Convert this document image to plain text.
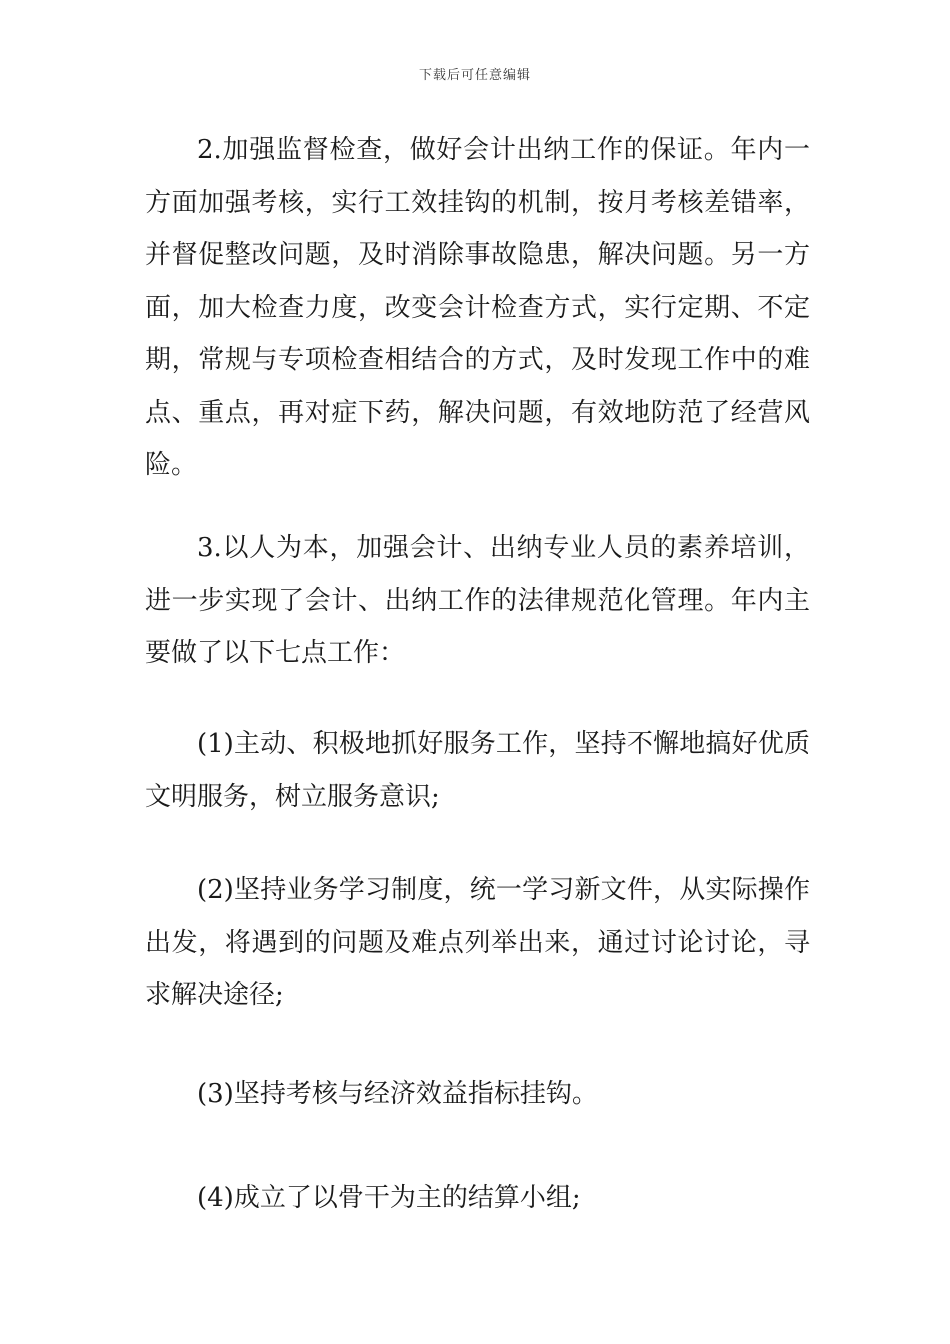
下载后可任意编辑

2.加强监督检查，做好会计出纳工作的保证。年内一方面加强考核，实行工效挂钩的机制，按月考核差错率，并督促整改问题，及时消除事故隐患，解决问题。另一方面，加大检查力度，改变会计检查方式，实行定期、不定期，常规与专项检查相结合的方式，及时发现工作中的难点、重点，再对症下药，解决问题，有效地防范了经营风险。

3.以人为本，加强会计、出纳专业人员的素养培训，进一步实现了会计、出纳工作的法律规范化管理。年内主要做了以下七点工作：

(1)主动、积极地抓好服务工作，坚持不懈地搞好优质文明服务，树立服务意识;

(2)坚持业务学习制度，统一学习新文件，从实际操作出发，将遇到的问题及难点列举出来，通过讨论讨论，寻求解决途径;

(3)坚持考核与经济效益指标挂钩。

(4)成立了以骨干为主的结算小组;
